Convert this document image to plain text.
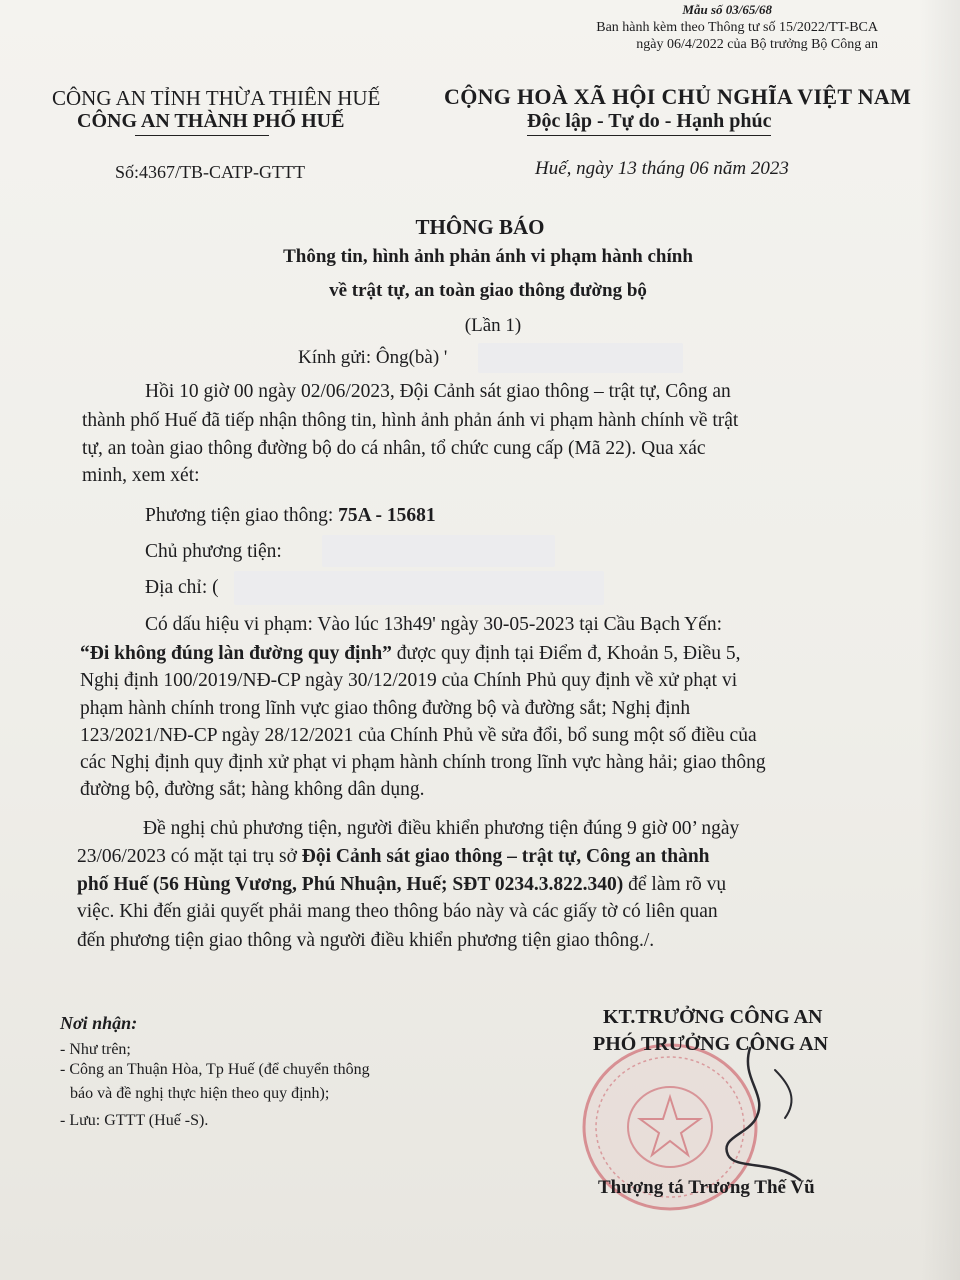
Mẫu số 03/65/68
Ban hành kèm theo Thông tư số 15/2022/TT-BCA
ngày 06/4/2022 của Bộ trưởng Bộ Công an
CÔNG AN TỈNH THỪA THIÊN HUẾ
CÔNG AN THÀNH PHỐ HUẾ
CỘNG HOÀ XÃ HỘI CHỦ NGHĨA VIỆT NAM
Độc lập - Tự do - Hạnh phúc
Số:4367/TB-CATP-GTTT	Huế, ngày 13 tháng 06 năm 2023
THÔNG BÁO
Thông tin, hình ảnh phản ánh vi phạm hành chính
về trật tự, an toàn giao thông đường bộ
(Lần 1)
Kính gửi: Ông(bà) '
Hồi 10 giờ 00 ngày 02/06/2023, Đội Cảnh sát giao thông – trật tự, Công an
thành phố Huế đã tiếp nhận thông tin, hình ảnh phản ánh vi phạm hành chính về trật
tự, an toàn giao thông đường bộ do cá nhân, tổ chức cung cấp (Mã 22). Qua xác
minh, xem xét:
Phương tiện giao thông: 75A - 15681
Chủ phương tiện:
Địa chỉ: (
Có dấu hiệu vi phạm: Vào lúc 13h49' ngày 30-05-2023 tại Cầu Bạch Yến:
“Đi không đúng làn đường quy định” được quy định tại Điểm đ, Khoản 5, Điều 5,
Nghị định 100/2019/NĐ-CP ngày 30/12/2019 của Chính Phủ quy định về xử phạt vi
phạm hành chính trong lĩnh vực giao thông đường bộ và đường sắt; Nghị định
123/2021/NĐ-CP ngày 28/12/2021 của Chính Phủ về sửa đổi, bổ sung một số điều của
các Nghị định quy định xử phạt vi phạm hành chính trong lĩnh vực hàng hải; giao thông
đường bộ, đường sắt; hàng không dân dụng.
Đề nghị chủ phương tiện, người điều khiển phương tiện đúng 9 giờ 00’ ngày
23/06/2023 có mặt tại trụ sở Đội Cảnh sát giao thông – trật tự, Công an thành
phố Huế (56 Hùng Vương, Phú Nhuận, Huế; SĐT 0234.3.822.340) để làm rõ vụ
việc. Khi đến giải quyết phải mang theo thông báo này và các giấy tờ có liên quan
đến phương tiện giao thông và người điều khiển phương tiện giao thông./.
Nơi nhận:
- Như trên;
- Công an Thuận Hòa, Tp Huế (để chuyển thông
báo và đề nghị thực hiện theo quy định);
- Lưu: GTTT (Huế -S).
KT.TRƯỞNG CÔNG AN
PHÓ TRƯỞNG CÔNG AN
Thượng tá Trương Thế Vũ
